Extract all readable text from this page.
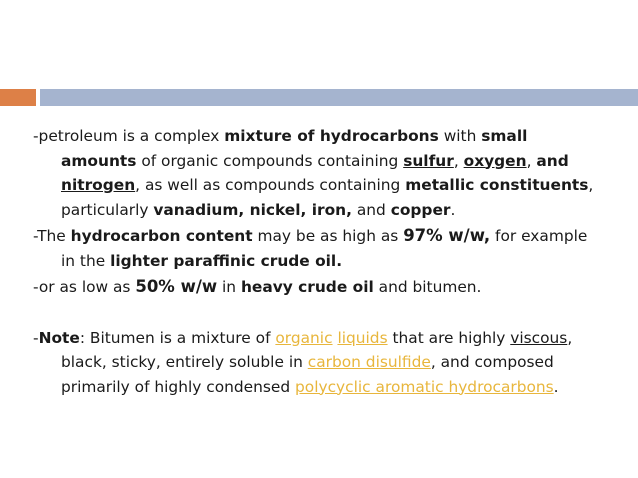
-petroleum is a complex mixture of hydrocarbons with small amounts of organic compounds containing sulfur, oxygen, and nitrogen, as well as compounds containing metallic constituents, particularly vanadium, nickel, iron, and copper.

-The hydrocarbon content may be as high as 97% w/w, for example in the lighter paraffinic crude oil.

-or as low as 50% w/w in heavy crude oil and bitumen.

-Note: Bitumen is a mixture of organic liquids that are highly viscous, black, sticky, entirely soluble in carbon disulfide, and composed primarily of highly condensed polycyclic aromatic hydrocarbons.
